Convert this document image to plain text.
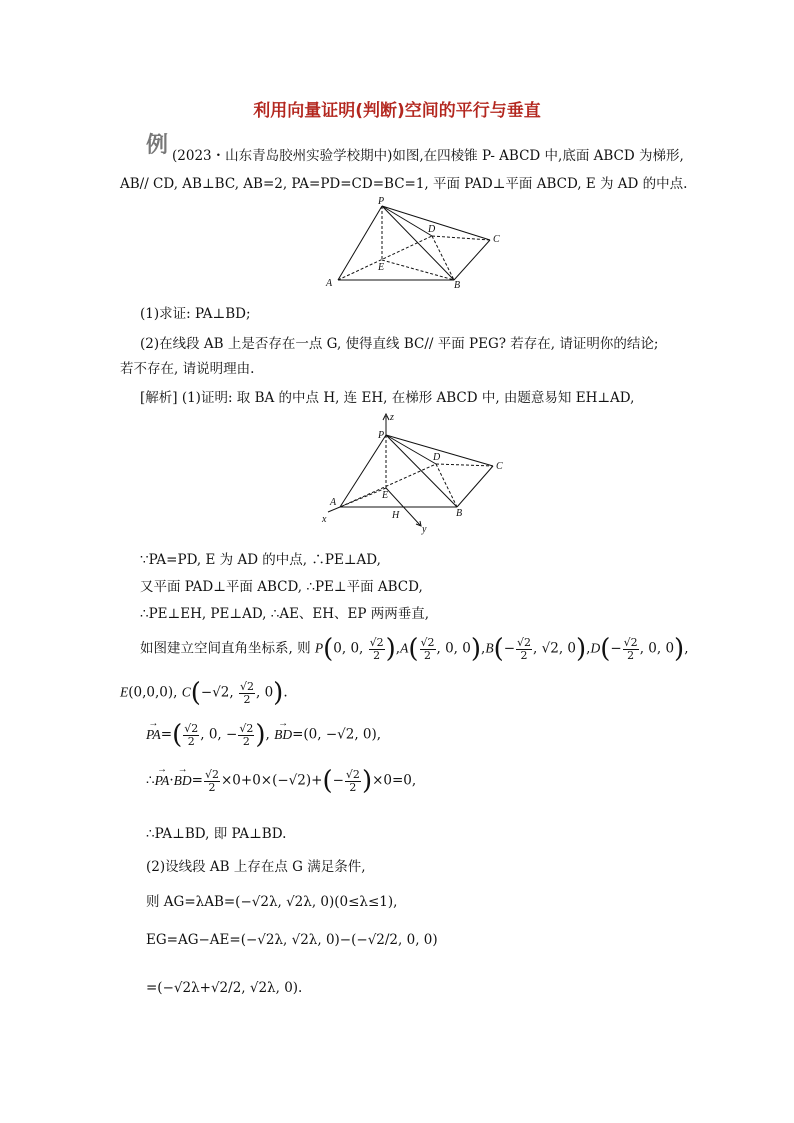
利用向量证明(判断)空间的平行与垂直
例 (2023・山东青岛胶州实验学校期中)如图,在四棱锥 P- ABCD 中,底面 ABCD 为梯形,
AB// CD, AB⊥BC, AB=2, PA=PD=CD=BC=1, 平面 PAD⊥平面 ABCD, E 为 AD 的中点.
P
D
C
E
A	B
(1)求证: PA⊥BD;
(2)在线段 AB 上是否存在一点 G, 使得直线 BC// 平面 PEG? 若存在, 请证明你的结论;
若不存在, 请说明理由.
[解析] (1)证明: 取 BA 的中点 H, 连 EH, 在梯形 ABCD 中, 由题意易知 EH⊥AD,
z
P
D
C
E
A
B
H
x
y
∵PA=PD, E 为 AD 的中点, ∴PE⊥AD,
又平面 PAD⊥平面 ABCD, ∴PE⊥平面 ABCD,
∴PE⊥EH, PE⊥AD, ∴AE、EH、EP 两两垂直,
如图建立空间直角坐标系, 则 P(0, 0, $\frac{√2}{2} ),A( \frac{√2}{2}$ , 0, $0),B(- \frac{√2}{2}$ , √2, $0),D(- \frac{√2}{2}$ , 0, 0),
E(0,0,0), C(−√2, $\frac{√2}{2}$ , 0).
→ $PA=( \frac{√2}{2}$ , 0, − $\frac{√2}{2}$ ), → BD=(0, −√2, 0),
∴→ $PA\cdot\to BD= \frac{√2}{2} \times 0+0\times(-√2)+(- \frac{√2}{2} )\times 0=0$,
∴PA⊥BD, 即 PA⊥BD.
(2)设线段 AB 上存在点 G 满足条件,
则 AG=λAB=(−√2λ, √2λ, 0)(0≤λ≤1),
EG=AG−AE=(−√2λ, √2λ, 0)−(−√2/2, 0, 0)
=(−√2λ+√2/2, √2λ, 0).
